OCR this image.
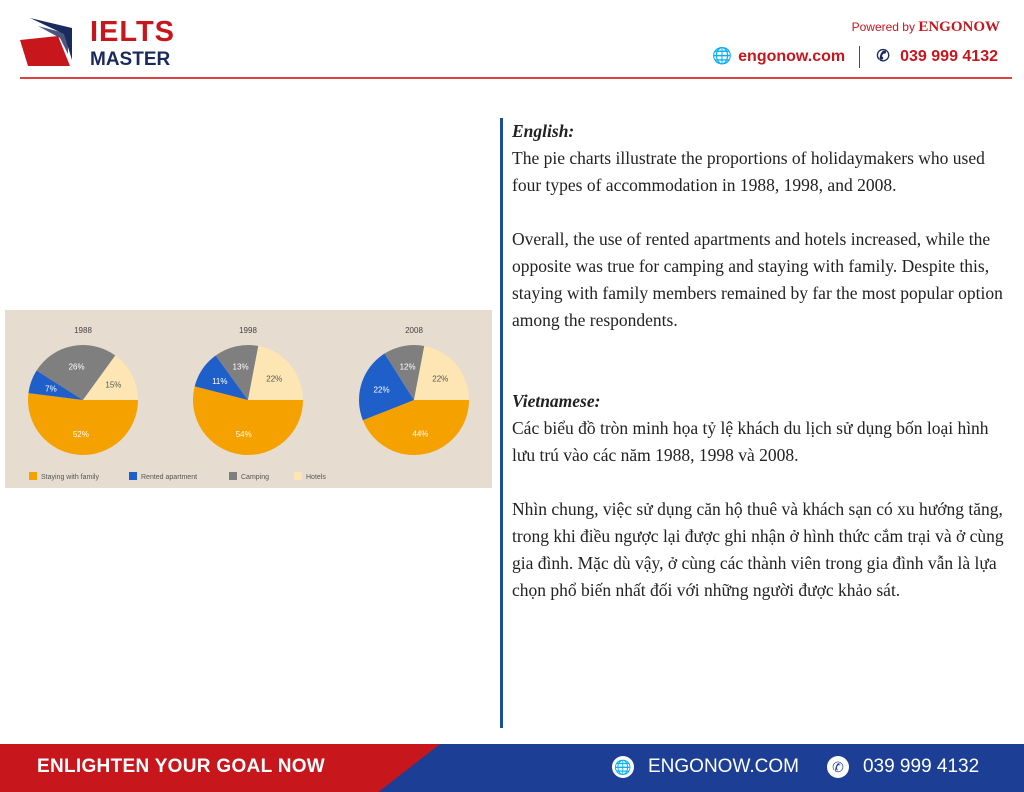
IELTS
MASTER
Powered by ENGONOW
🌐 engonow.com ✆ 039 999 4132
1988
52%
7%
26%
15%
1998
54%
11%
13%
22%
2008
44%
22%
12%
22%
Staying with family	Rented apartment	Camping	Hotels
English:

The pie charts illustrate the proportions of holidaymakers who used four types of accommodation in 1988, 1998, and 2008.

Overall, the use of rented apartments and hotels increased, while the opposite was true for camping and staying with family. Despite this, staying with family members remained by far the most popular option among the respondents.

Vietnamese:

Các biểu đồ tròn minh họa tỷ lệ khách du lịch sử dụng bốn loại hình lưu trú vào các năm 1988, 1998 và 2008.

Nhìn chung, việc sử dụng căn hộ thuê và khách sạn có xu hướng tăng, trong khi điều ngược lại được ghi nhận ở hình thức cắm trại và ở cùng gia đình. Mặc dù vậy, ở cùng các thành viên trong gia đình vẫn là lựa chọn phổ biến nhất đối với những người được khảo sát.

ENLIGHTEN YOUR GOAL NOW	🌐 ENGONOW.COM	✆ 039 999 4132
